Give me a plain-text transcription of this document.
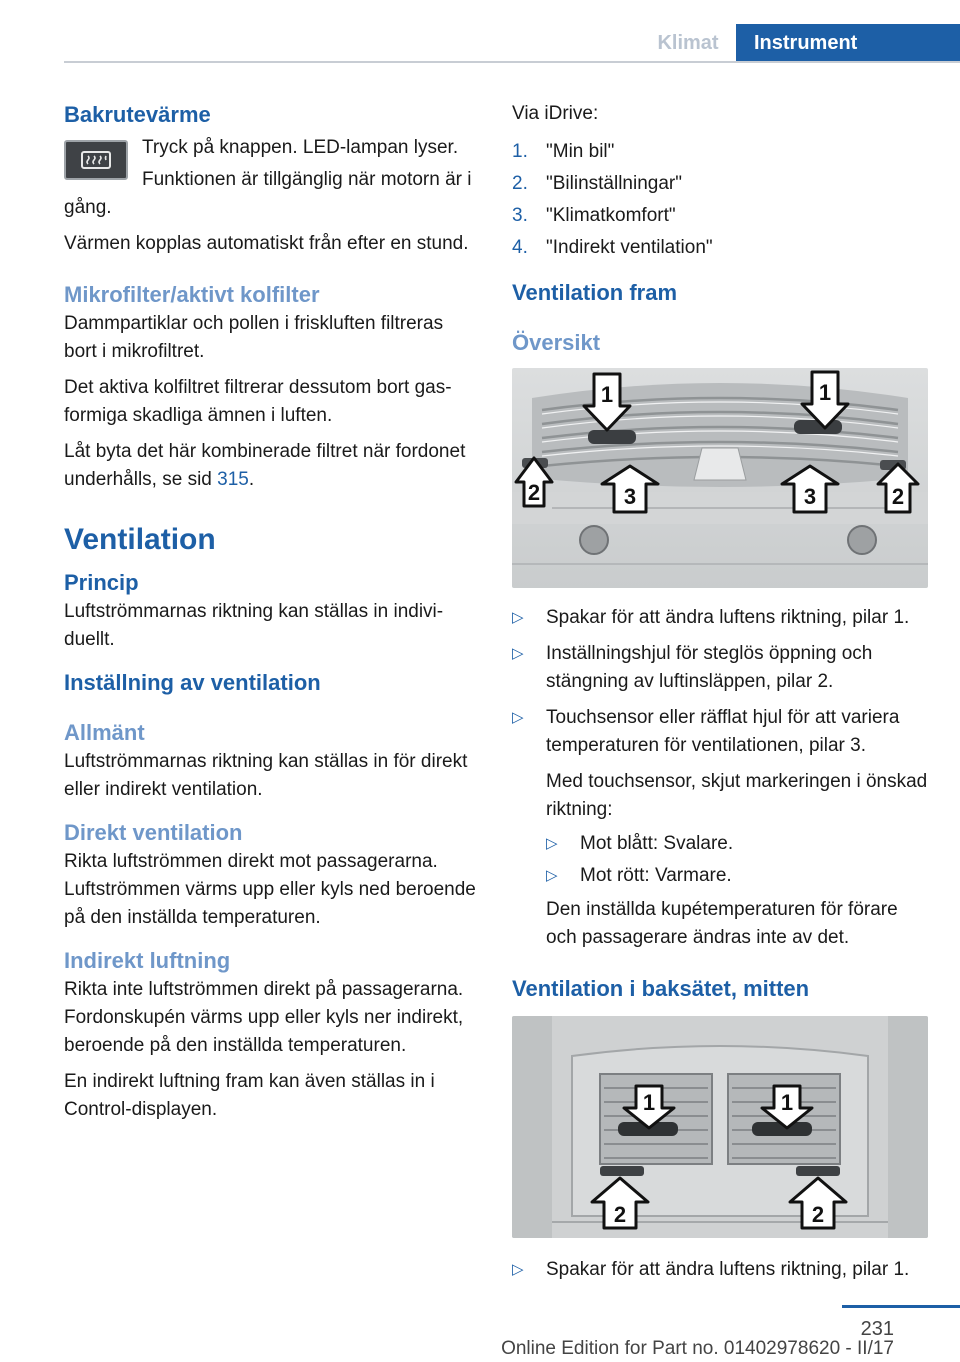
Klimat	Instrument
Bakrutevärme
Tryck på knappen. LED-lampan lyser.
Funktionen är tillgänglig när motorn är i gång.
Värmen kopplas automatiskt från efter en stund.
Mikrofilter/aktivt kolfilter
Dammpartiklar och pollen i friskluften filtreras bort i mikrofiltret.
Det aktiva kolfiltret filtrerar dessutom bort gasformiga skadliga ämnen i luften.
Låt byta det här kombinerade filtret när fordonet underhålls, se sid 315.
Ventilation
Princip
Luftströmmarnas riktning kan ställas in individuellt.
Inställning av ventilation
Allmänt
Luftströmmarnas riktning kan ställas in för direkt eller indirekt ventilation.
Direkt ventilation
Rikta luftströmmen direkt mot passagerarna. Luftströmmen värms upp eller kyls ned beroende på den inställda temperaturen.
Indirekt luftning
Rikta inte luftströmmen direkt på passagerarna. Fordonskupén värms upp eller kyls ner indirekt, beroende på den inställda temperaturen.
En indirekt luftning fram kan även ställas in i Control-displayen.
Via iDrive:
1. "Min bil"
2. "Bilinställningar"
3. "Klimatkomfort"
4. "Indirekt ventilation"
Ventilation fram
Översikt
1	1
2	3	3	2
▷	Spakar för att ändra luftens riktning, pilar 1.
▷	Inställningshjul för steglös öppning och stängning av luftinsläppen, pilar 2.
▷	Touchsensor eller räfflat hjul för att variera temperaturen för ventilationen, pilar 3.
Med touchsensor, skjut markeringen i önskad riktning:
▷	Mot blått: Svalare.
▷	Mot rött: Varmare.
Den inställda kupétemperaturen för förare och passagerare ändras inte av det.
Ventilation i baksätet, mitten
1	1
2	2
▷	Spakar för att ändra luftens riktning, pilar 1.
231
Online Edition for Part no. 01402978620 - II/17
